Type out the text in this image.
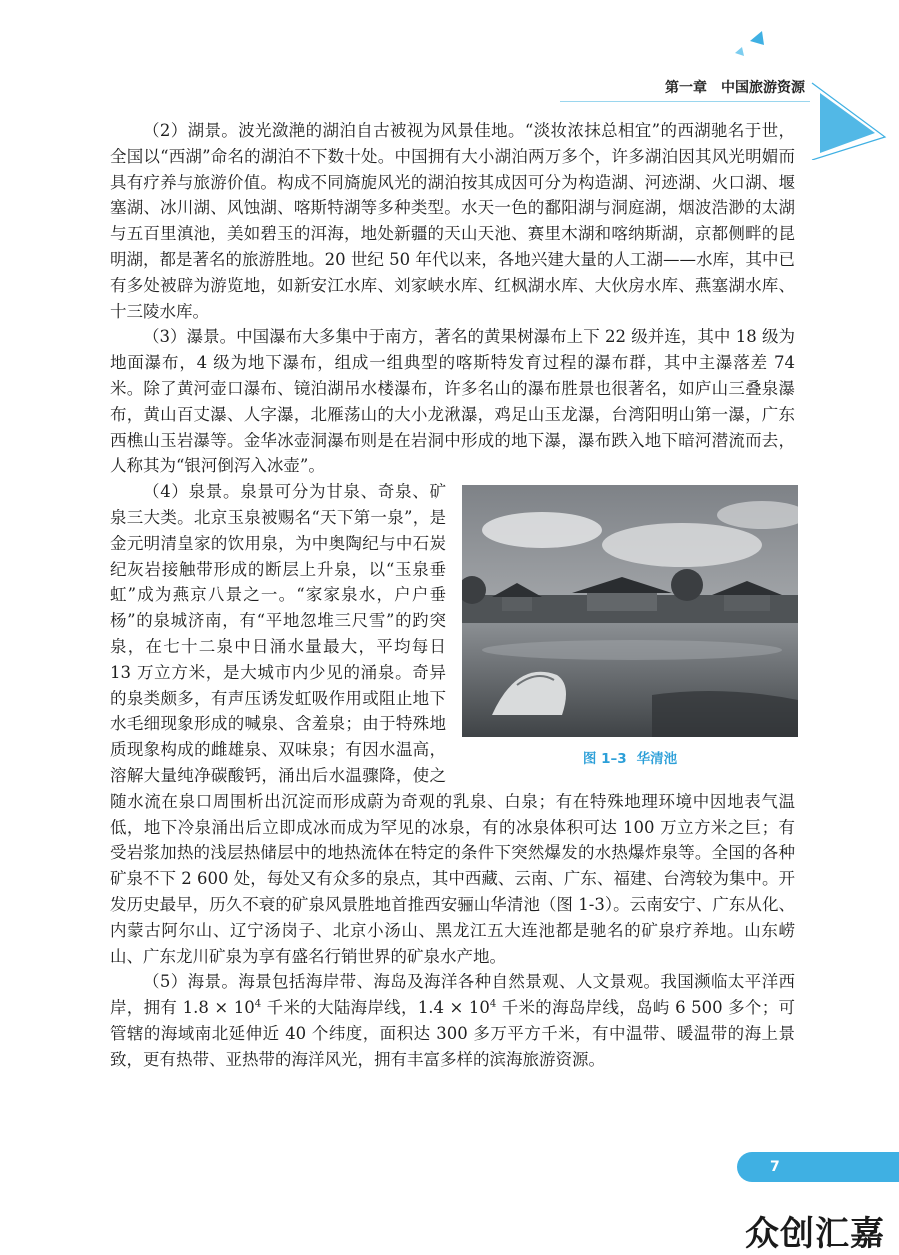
第一章 中国旅游资源

（2）湖景。波光潋滟的湖泊自古被视为风景佳地。“淡妆浓抹总相宜”的西湖驰名于世，全国以“西湖”命名的湖泊不下数十处。中国拥有大小湖泊两万多个，许多湖泊因其风光明媚而具有疗养与旅游价值。构成不同旖旎风光的湖泊按其成因可分为构造湖、河迹湖、火口湖、堰塞湖、冰川湖、风蚀湖、喀斯特湖等多种类型。水天一色的鄱阳湖与洞庭湖，烟波浩渺的太湖与五百里滇池，美如碧玉的洱海，地处新疆的天山天池、赛里木湖和喀纳斯湖，京都侧畔的昆明湖，都是著名的旅游胜地。20 世纪 50 年代以来，各地兴建大量的人工湖——水库，其中已有多处被辟为游览地，如新安江水库、刘家峡水库、红枫湖水库、大伙房水库、燕塞湖水库、十三陵水库。

（3）瀑景。中国瀑布大多集中于南方，著名的黄果树瀑布上下 22 级并连，其中 18 级为地面瀑布，4 级为地下瀑布，组成一组典型的喀斯特发育过程的瀑布群，其中主瀑落差 74 米。除了黄河壶口瀑布、镜泊湖吊水楼瀑布，许多名山的瀑布胜景也很著名，如庐山三叠泉瀑布，黄山百丈瀑、人字瀑，北雁荡山的大小龙湫瀑，鸡足山玉龙瀑，台湾阳明山第一瀑，广东西樵山玉岩瀑等。金华冰壶洞瀑布则是在岩洞中形成的地下瀑，瀑布跌入地下暗河潜流而去，人称其为“银河倒泻入冰壶”。

图 1–3 华清池

（4）泉景。泉景可分为甘泉、奇泉、矿泉三大类。北京玉泉被赐名“天下第一泉”，是金元明清皇家的饮用泉，为中奥陶纪与中石炭纪灰岩接触带形成的断层上升泉，以“玉泉垂虹”成为燕京八景之一。“家家泉水，户户垂杨”的泉城济南，有“平地忽堆三尺雪”的趵突泉，在七十二泉中日涌水量最大，平均每日 13 万立方米，是大城市内少见的涌泉。奇异的泉类颇多，有声压诱发虹吸作用或阻止地下水毛细现象形成的喊泉、含羞泉；由于特殊地质现象构成的雌雄泉、双味泉；有因水温高，溶解大量纯净碳酸钙，涌出后水温骤降，使之随水流在泉口周围析出沉淀而形成蔚为奇观的乳泉、白泉；有在特殊地理环境中因地表气温低，地下冷泉涌出后立即成冰而成为罕见的冰泉，有的冰泉体积可达 100 万立方米之巨；有受岩浆加热的浅层热储层中的地热流体在特定的条件下突然爆发的水热爆炸泉等。全国的各种矿泉不下 2 600 处，每处又有众多的泉点，其中西藏、云南、广东、福建、台湾较为集中。开发历史最早，历久不衰的矿泉风景胜地首推西安骊山华清池（图 1-3）。云南安宁、广东从化、内蒙古阿尔山、辽宁汤岗子、北京小汤山、黑龙江五大连池都是驰名的矿泉疗养地。山东崂山、广东龙川矿泉为享有盛名行销世界的矿泉水产地。

（5）海景。海景包括海岸带、海岛及海洋各种自然景观、人文景观。我国濒临太平洋西岸，拥有 $1.8 \times 10^4$ 千米的大陆海岸线，$1.4 \times 10^4$ 千米的海岛岸线，岛屿 6 500 多个；可管辖的海域南北延伸近 40 个纬度，面积达 300 多万平方千米，有中温带、暖温带的海上景致，更有热带、亚热带的海洋风光，拥有丰富多样的滨海旅游资源。

7
众创汇嘉
